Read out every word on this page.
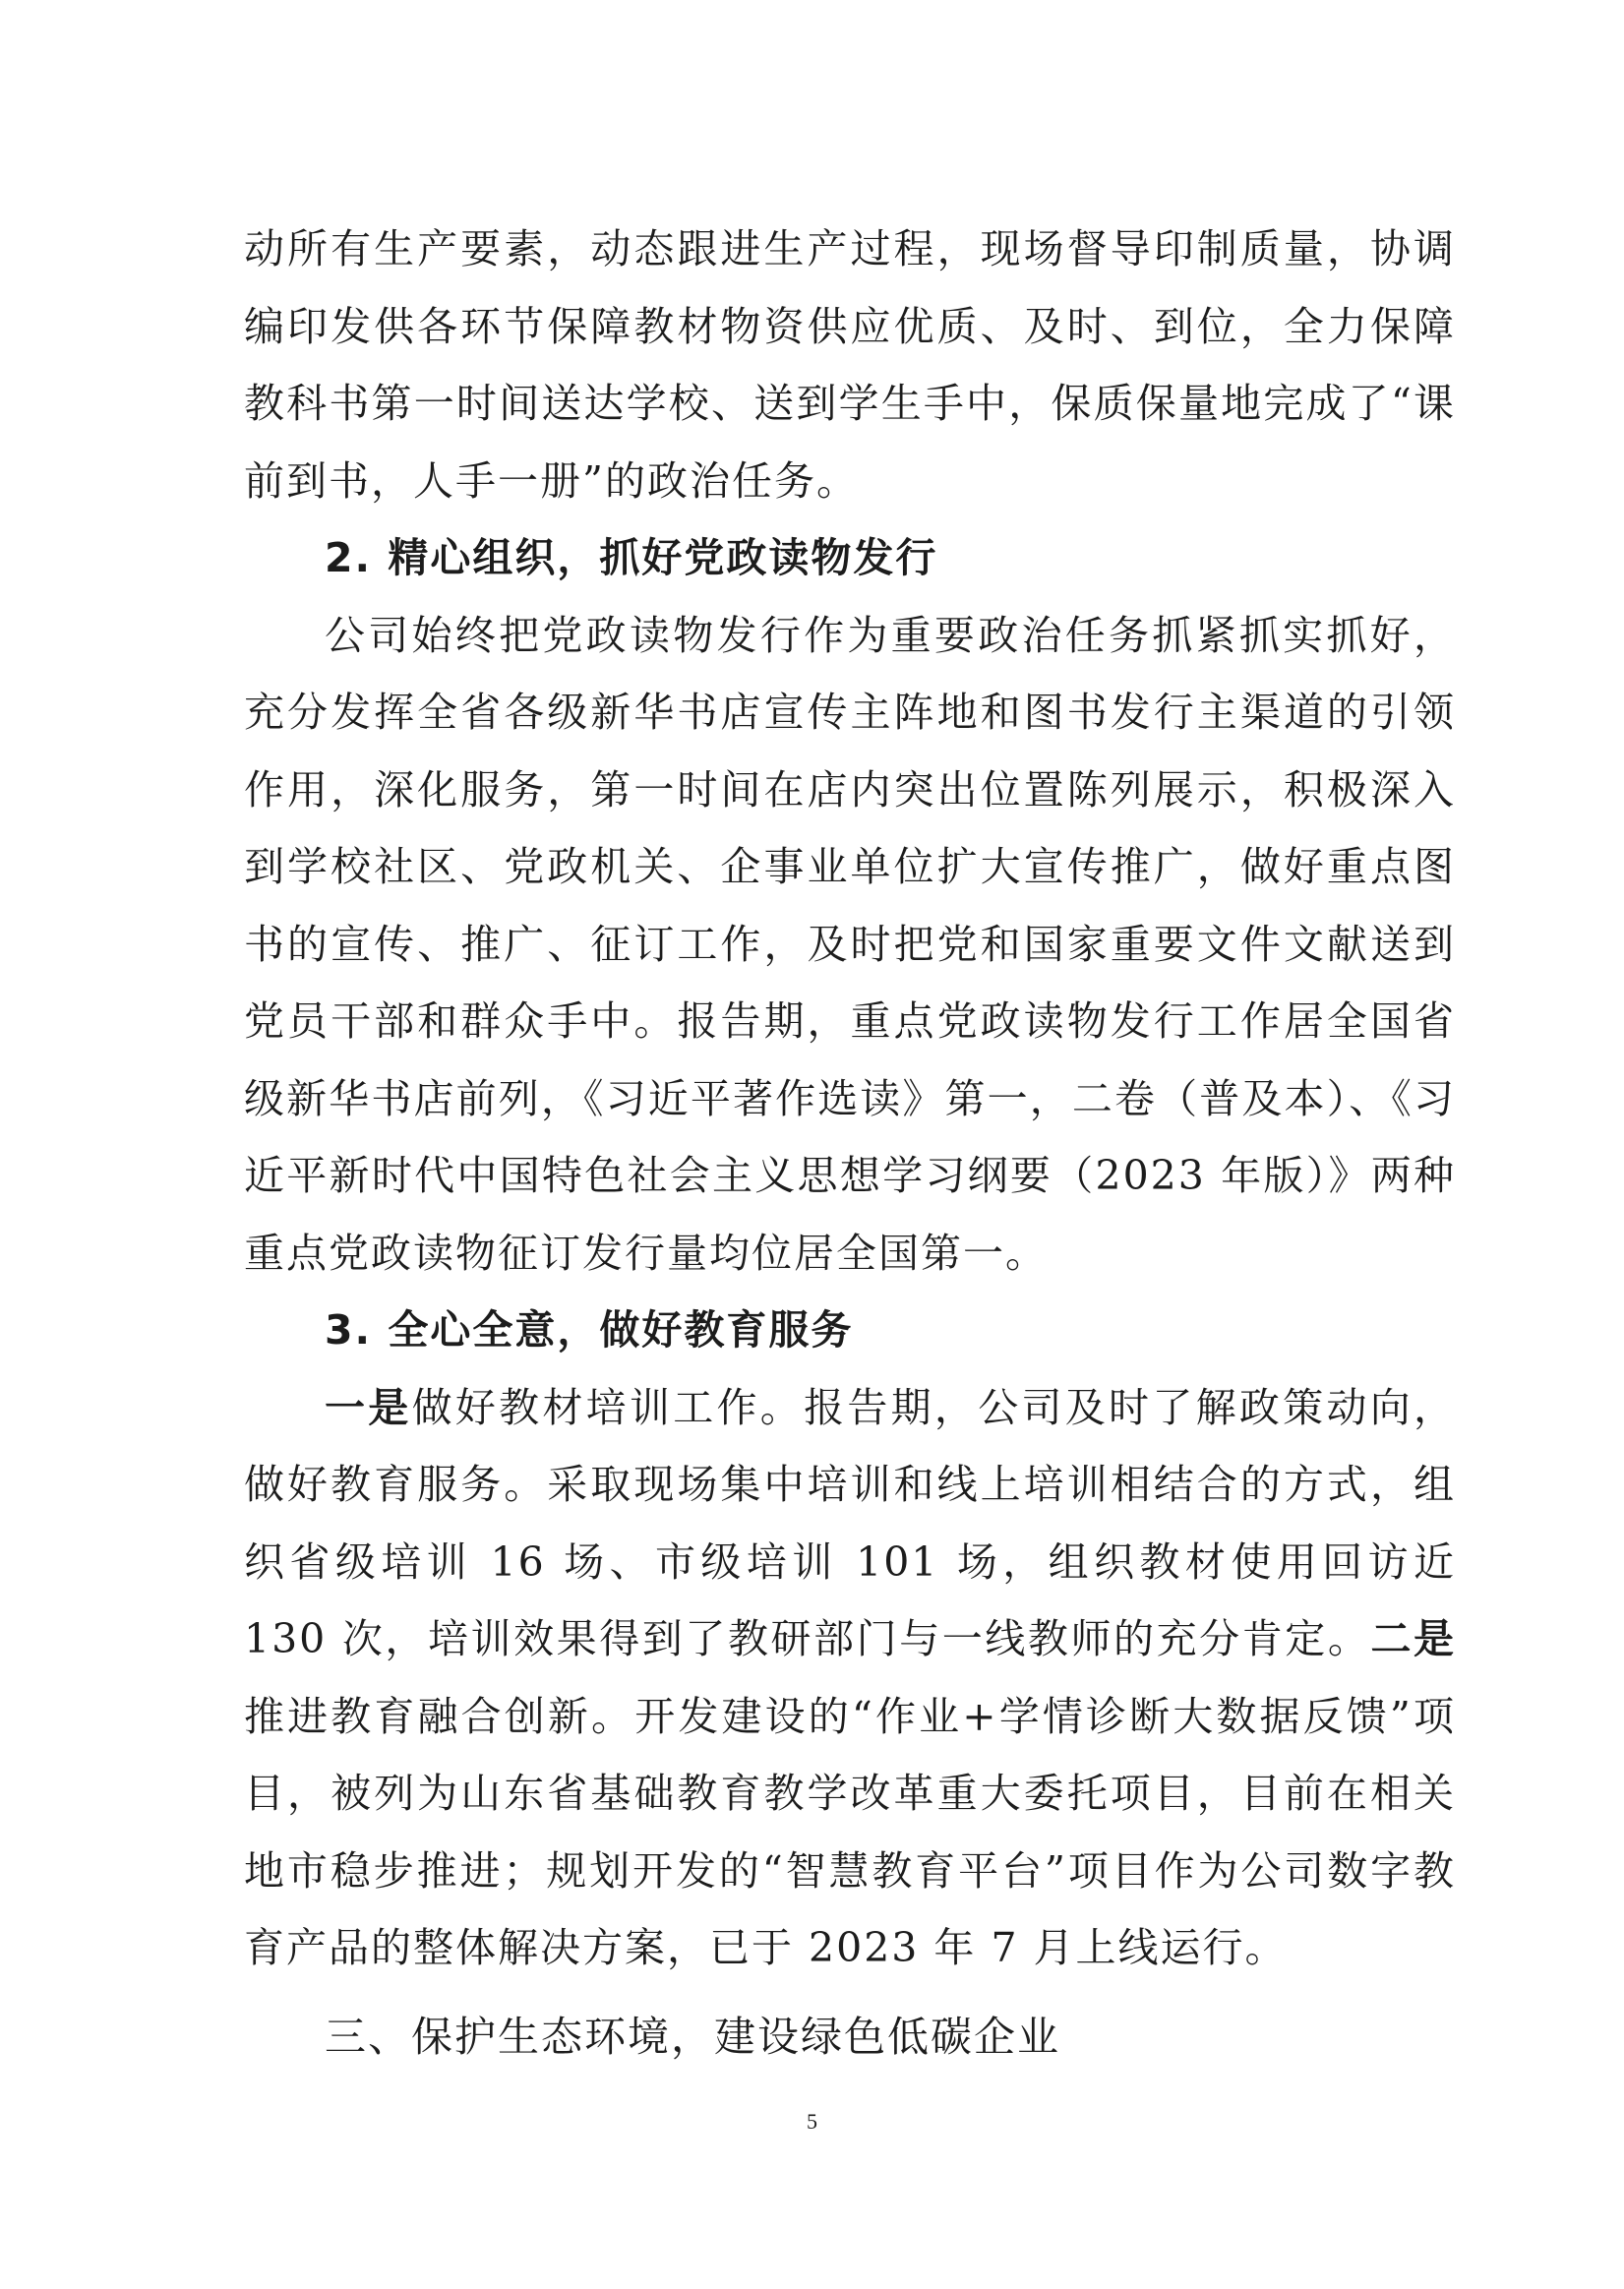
动所有生产要素，动态跟进生产过程，现场督导印制质量，协调编印发供各环节保障教材物资供应优质、及时、到位，全力保障教科书第一时间送达学校、送到学生手中，保质保量地完成了“课前到书，人手一册”的政治任务。

2. 精心组织，抓好党政读物发行

公司始终把党政读物发行作为重要政治任务抓紧抓实抓好，充分发挥全省各级新华书店宣传主阵地和图书发行主渠道的引领作用，深化服务，第一时间在店内突出位置陈列展示，积极深入到学校社区、党政机关、企事业单位扩大宣传推广，做好重点图书的宣传、推广、征订工作，及时把党和国家重要文件文献送到党员干部和群众手中。报告期，重点党政读物发行工作居全国省级新华书店前列，《习近平著作选读》第一，二卷（普及本）、《习近平新时代中国特色社会主义思想学习纲要（2023 年版）》两种重点党政读物征订发行量均位居全国第一。

3. 全心全意，做好教育服务

一是做好教材培训工作。报告期，公司及时了解政策动向，做好教育服务。采取现场集中培训和线上培训相结合的方式，组织省级培训 16 场、市级培训 101 场，组织教材使用回访近 130 次，培训效果得到了教研部门与一线教师的充分肯定。二是推进教育融合创新。开发建设的“作业+学情诊断大数据反馈”项目，被列为山东省基础教育教学改革重大委托项目，目前在相关地市稳步推进；规划开发的“智慧教育平台”项目作为公司数字教育产品的整体解决方案，已于 2023 年 7 月上线运行。

三、保护生态环境，建设绿色低碳企业

5
